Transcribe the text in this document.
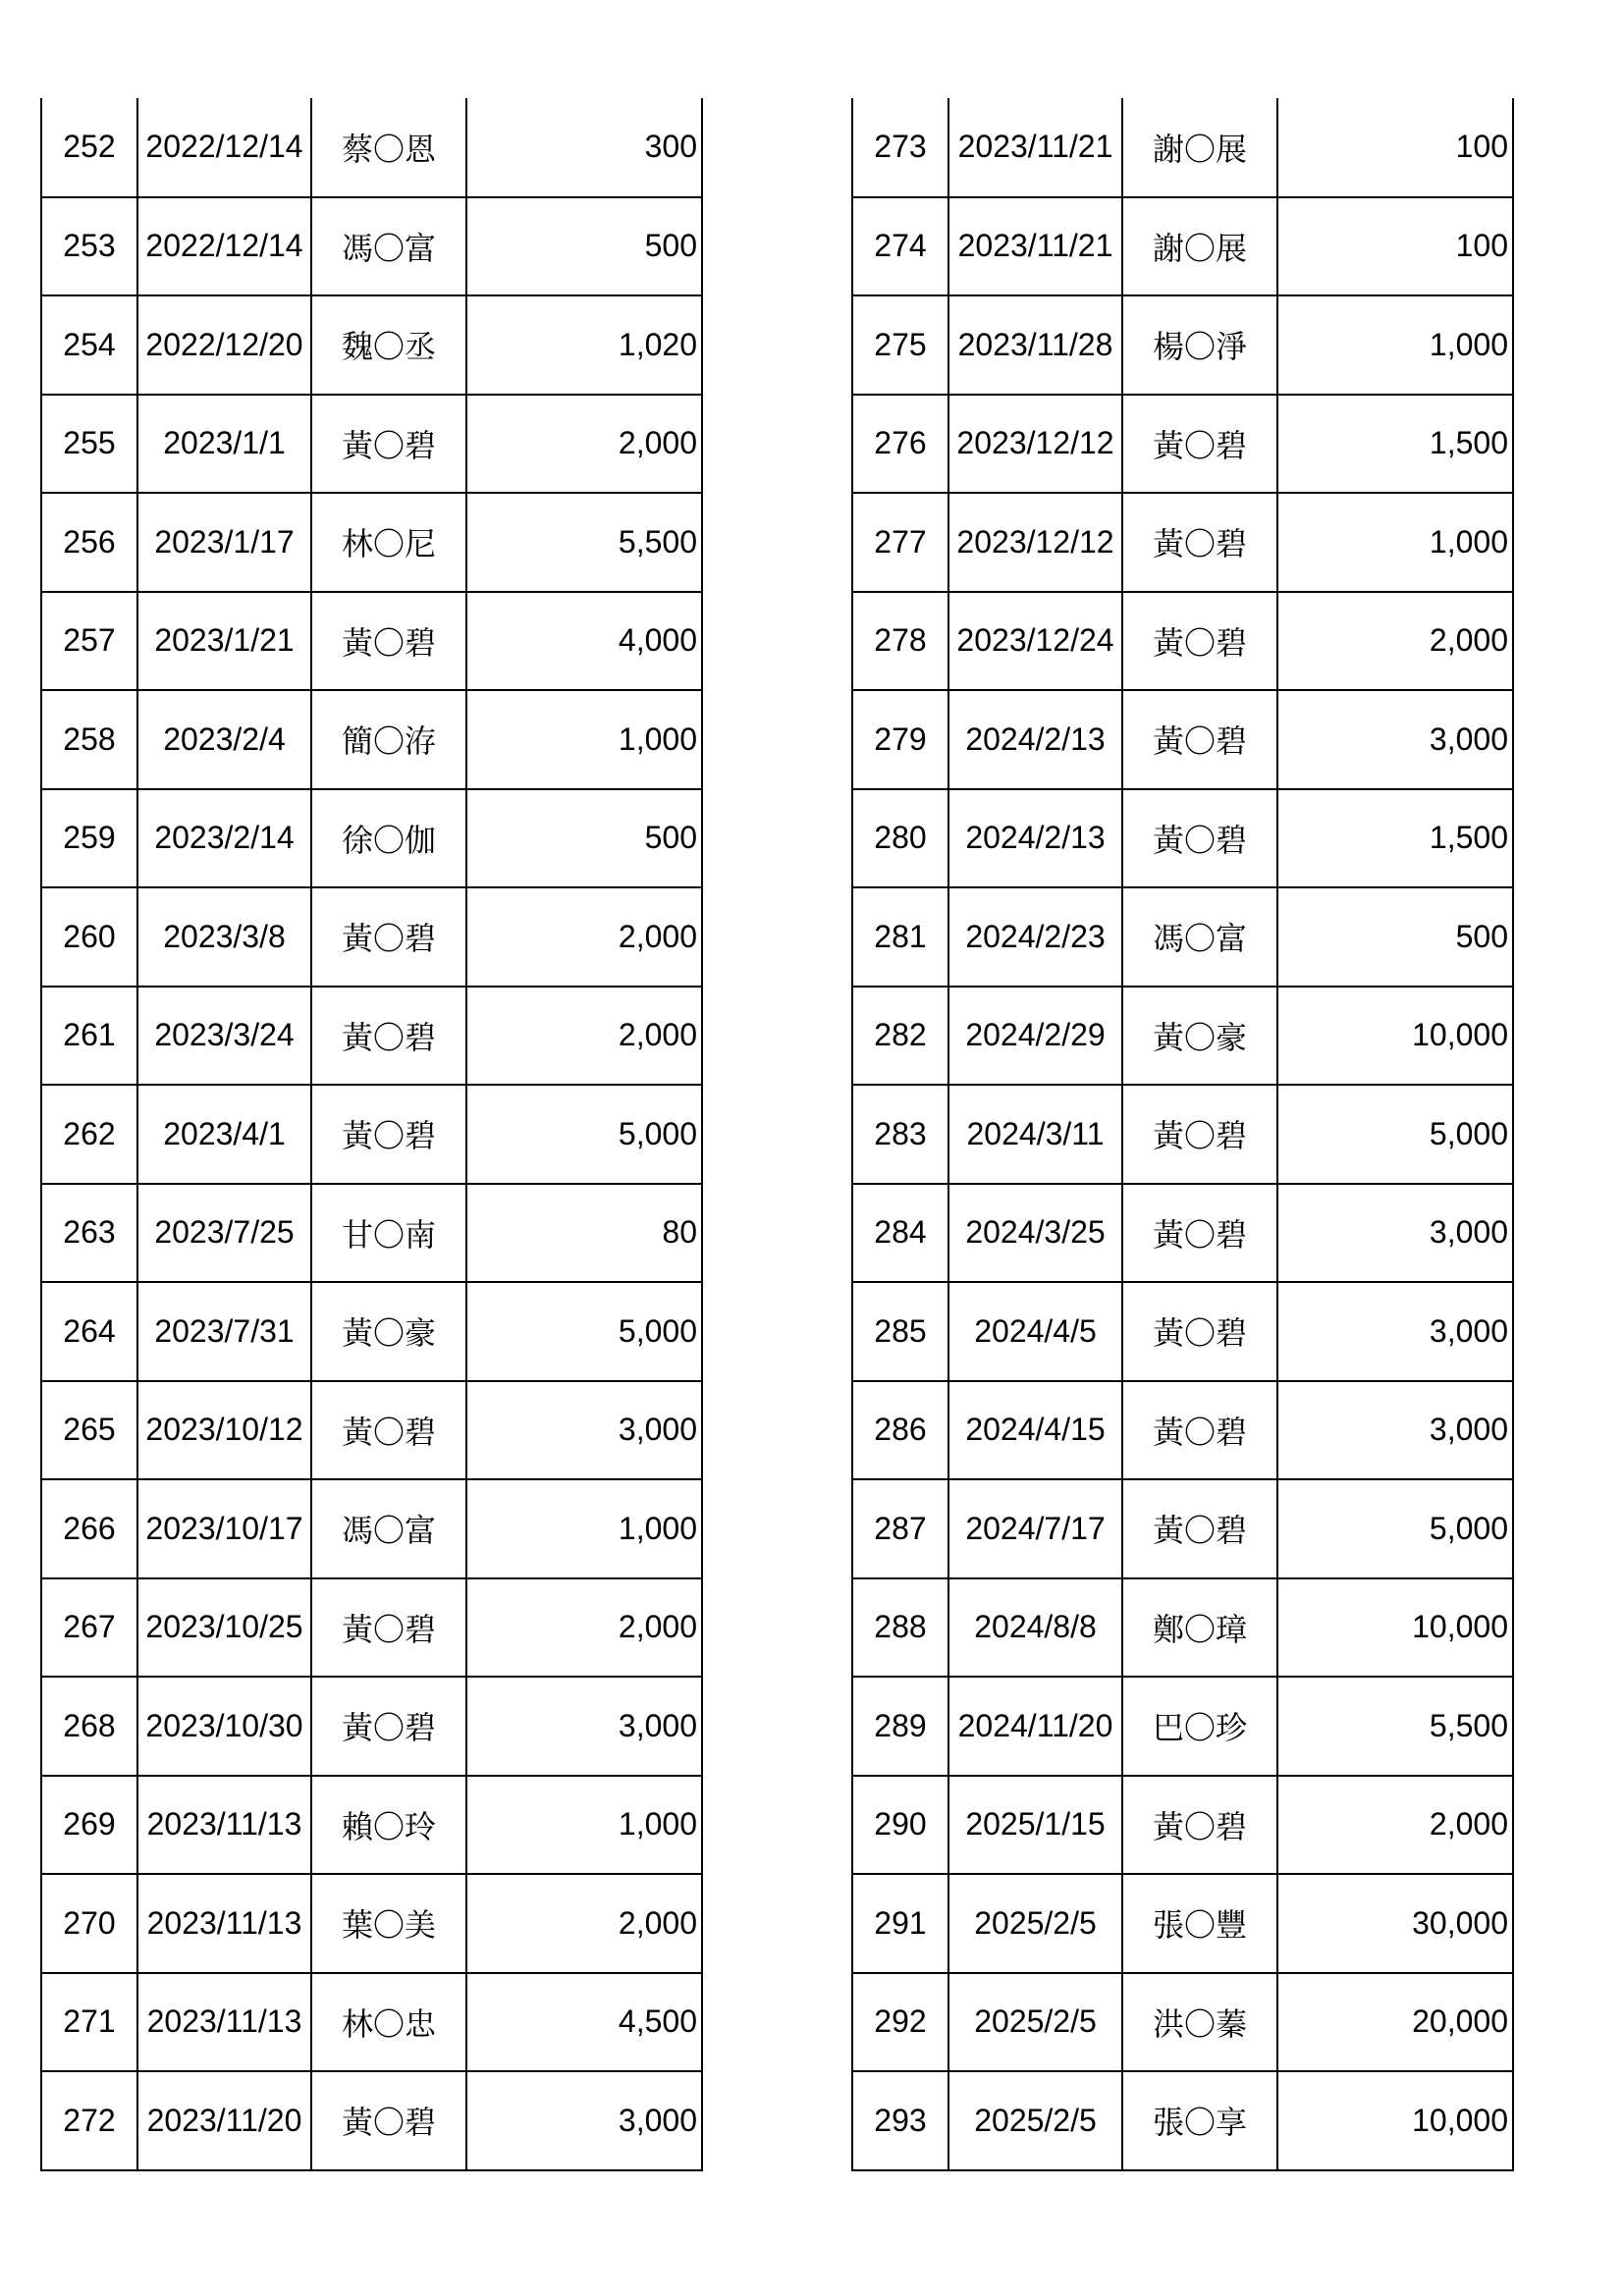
252	2022/12/14	蔡〇恩	300
253	2022/12/14	馮〇富	500
254	2022/12/20	魏〇丞	1,020
255	2023/1/1	黃〇碧	2,000
256	2023/1/17	林〇尼	5,500
257	2023/1/21	黃〇碧	4,000
258	2023/2/4	簡〇洊	1,000
259	2023/2/14	徐〇伽	500
260	2023/3/8	黃〇碧	2,000
261	2023/3/24	黃〇碧	2,000
262	2023/4/1	黃〇碧	5,000
263	2023/7/25	甘〇南	80
264	2023/7/31	黃〇豪	5,000
265	2023/10/12	黃〇碧	3,000
266	2023/10/17	馮〇富	1,000
267	2023/10/25	黃〇碧	2,000
268	2023/10/30	黃〇碧	3,000
269	2023/11/13	賴〇玲	1,000
270	2023/11/13	葉〇美	2,000
271	2023/11/13	林〇忠	4,500
272	2023/11/20	黃〇碧	3,000
273	2023/11/21	謝〇展	100
274	2023/11/21	謝〇展	100
275	2023/11/28	楊〇淨	1,000
276	2023/12/12	黃〇碧	1,500
277	2023/12/12	黃〇碧	1,000
278	2023/12/24	黃〇碧	2,000
279	2024/2/13	黃〇碧	3,000
280	2024/2/13	黃〇碧	1,500
281	2024/2/23	馮〇富	500
282	2024/2/29	黃〇豪	10,000
283	2024/3/11	黃〇碧	5,000
284	2024/3/25	黃〇碧	3,000
285	2024/4/5	黃〇碧	3,000
286	2024/4/15	黃〇碧	3,000
287	2024/7/17	黃〇碧	5,000
288	2024/8/8	鄭〇璋	10,000
289	2024/11/20	巴〇珍	5,500
290	2025/1/15	黃〇碧	2,000
291	2025/2/5	張〇豐	30,000
292	2025/2/5	洪〇蓁	20,000
293	2025/2/5	張〇享	10,000
